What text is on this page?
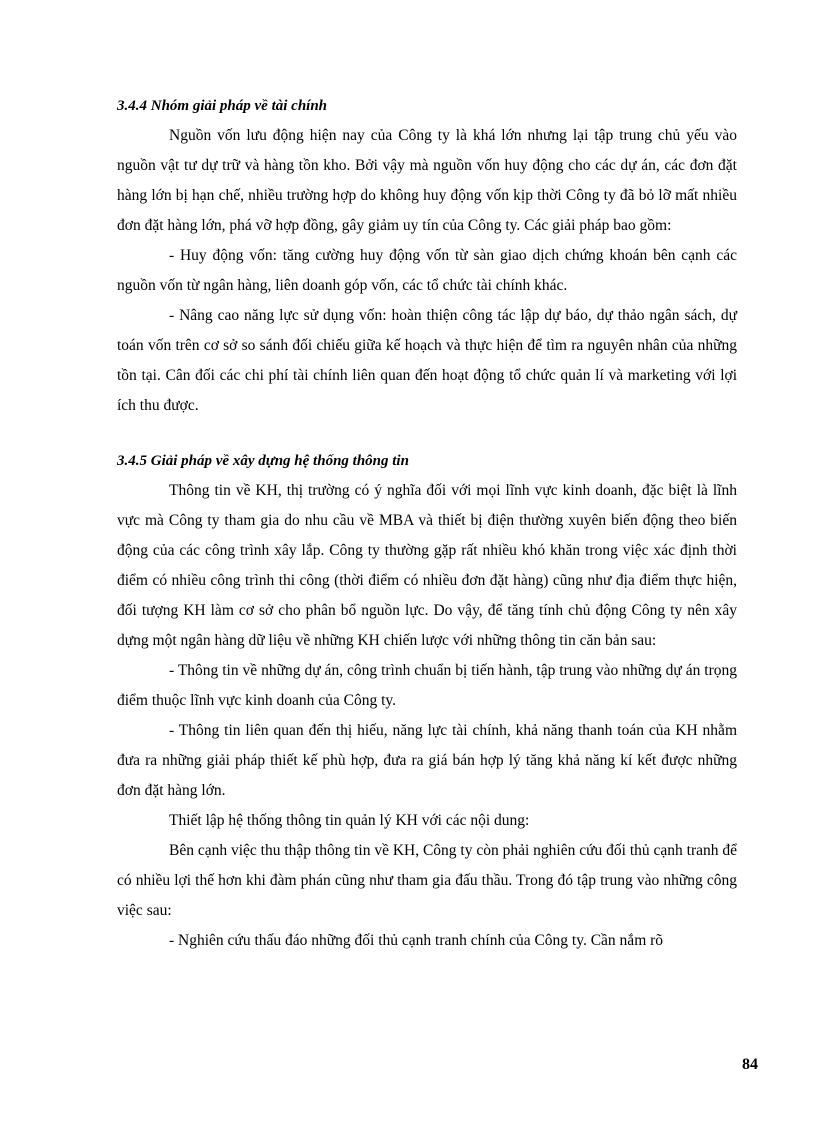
3.4.4 Nhóm giải pháp về tài chính

Nguồn vốn lưu động hiện nay của Công ty là khá lớn nhưng lại tập trung chủ yếu vào nguồn vật tư dự trữ và hàng tồn kho. Bởi vậy mà nguồn vốn huy động cho các dự án, các đơn đặt hàng lớn bị hạn chế, nhiều trường hợp do không huy động vốn kịp thời Công ty đã bỏ lỡ mất nhiều đơn đặt hàng lớn, phá vỡ hợp đồng, gây giảm uy tín của Công ty. Các giải pháp bao gồm:

- Huy động vốn: tăng cường huy động vốn từ sàn giao dịch chứng khoán bên cạnh các nguồn vốn từ ngân hàng, liên doanh góp vốn, các tổ chức tài chính khác.

- Nâng cao năng lực sử dụng vốn: hoàn thiện công tác lập dự báo, dự thảo ngân sách, dự toán vốn trên cơ sở so sánh đối chiếu giữa kế hoạch và thực hiện để tìm ra nguyên nhân của những tồn tại. Cân đối các chi phí tài chính liên quan đến hoạt động tổ chức quản lí và marketing với lợi ích thu được.

3.4.5 Giải pháp về xây dựng hệ thống thông tin

Thông tin về KH, thị trường có ý nghĩa đối với mọi lĩnh vực kinh doanh, đặc biệt là lĩnh vực mà Công ty tham gia do nhu cầu về MBA và thiết bị điện thường xuyên biến động theo biến động của các công trình xây lắp. Công ty thường gặp rất nhiều khó khăn trong việc xác định thời điểm có nhiều công trình thi công (thời điểm có nhiều đơn đặt hàng) cũng như địa điểm thực hiện, đối tượng KH làm cơ sở cho phân bổ nguồn lực. Do vậy, để tăng tính chủ động Công ty nên xây dựng một ngân hàng dữ liệu về những KH chiến lược với những thông tin căn bản sau:

- Thông tin về những dự án, công trình chuẩn bị tiến hành, tập trung vào những dự án trọng điểm thuộc lĩnh vực kinh doanh của Công ty.

- Thông tin liên quan đến thị hiếu, năng lực tài chính, khả năng thanh toán của KH nhằm đưa ra những giải pháp thiết kế phù hợp, đưa ra giá bán hợp lý tăng khả năng kí kết được những đơn đặt hàng lớn.

Thiết lập hệ thống thông tin quản lý KH với các nội dung:

Bên cạnh việc thu thập thông tin về KH, Công ty còn phải nghiên cứu đối thủ cạnh tranh để có nhiều lợi thế hơn khi đàm phán cũng như tham gia đấu thầu. Trong đó tập trung vào những công việc sau:

- Nghiên cứu thấu đáo những đối thủ cạnh tranh chính của Công ty. Cần nắm rõ

84
